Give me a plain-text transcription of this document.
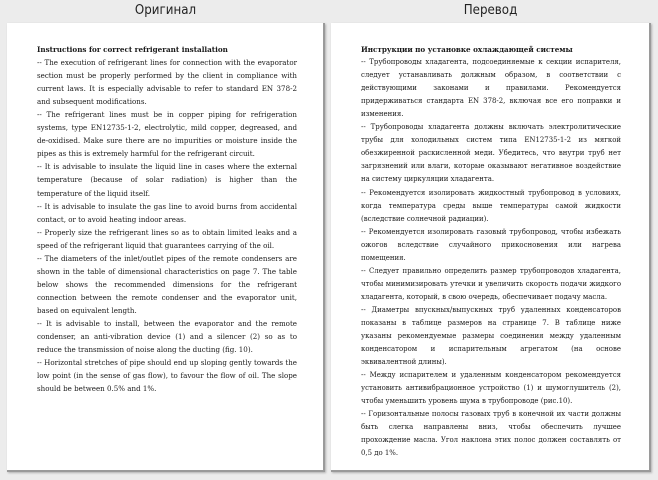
Оригинал	Перевод
Instructions for correct refrigerant installation

-- The execution of refrigerant lines for connection with the evaporator section must be properly performed by the client in compliance with current laws. It is especially advisable to refer to standard EN 378-2 and subsequent modifications.

-- The refrigerant lines must be in copper piping for refrigeration systems, type EN12735-1-2, electrolytic, mild copper, degreased, and de-oxidised. Make sure there are no impurities or moisture inside the pipes as this is extremely harmful for the refrigerant circuit.

-- It is advisable to insulate the liquid line in cases where the external temperature (because of solar radiation) is higher than the temperature of the liquid itself.

-- It is advisable to insulate the gas line to avoid burns from accidental contact, or to avoid heating indoor areas.

-- Properly size the refrigerant lines so as to obtain limited leaks and a speed of the refrigerant liquid that guarantees carrying of the oil.

-- The diameters of the inlet/outlet pipes of the remote condensers are shown in the table of dimensional characteristics on page 7. The table below shows the recommended dimensions for the refrigerant connection between the remote condenser and the evaporator unit, based on equivalent length.

-- It is advisable to install, between the evaporator and the remote condenser, an anti-vibration device (1) and a silencer (2) so as to reduce the transmission of noise along the ducting (fig. 10).

-- Horizontal stretches of pipe should end up sloping gently towards the low point (in the sense of gas flow), to favour the flow of oil. The slope should be between 0.5% and 1%.

Инструкции по установке охлаждающей системы

-- Трубопроводы хладагента, подсоединяемые к секции испарителя, следует устанавливать должным образом, в соответствии с действующими законами и правилами. Рекомендуется придерживаться стандарта EN 378-2, включая все его поправки и изменения.

-- Трубопроводы хладагента должны включать электролитические трубы для холодильных систем типа EN12735-1-2 из мягкой обезжиренной раскисленной меди. Убедитесь, что внутри труб нет загрязнений или влаги, которые оказывают негативное воздействие на систему циркуляции хладагента.

-- Рекомендуется изолировать жидкостный трубопровод в условиях, когда температура среды выше температуры самой жидкости (вследствие солнечной радиации).

-- Рекомендуется изолировать газовый трубопровод, чтобы избежать ожогов вследствие случайного прикосновения или нагрева помещения.

-- Следует правильно определить размер трубопроводов хладагента, чтобы минимизировать утечки и увеличить скорость подачи жидкого хладагента, который, в свою очередь, обеспечивает подачу масла.

-- Диаметры впускных/выпускных труб удаленных конденсаторов показаны в таблице размеров на странице 7. В таблице ниже указаны рекомендуемые размеры соединения между удаленным конденсатором и испарительным агрегатом (на основе эквивалентной длины).

-- Между испарителем и удаленным конденсатором рекомендуется установить антивибрационное устройство (1) и шумоглушитель (2), чтобы уменьшить уровень шума в трубопроводе (рис.10).

-- Горизонтальные полосы газовых труб в конечной их части должны быть слегка направлены вниз, чтобы обеспечить лучшее прохождение масла. Угол наклона этих полос должен составлять от 0,5 до 1%.
